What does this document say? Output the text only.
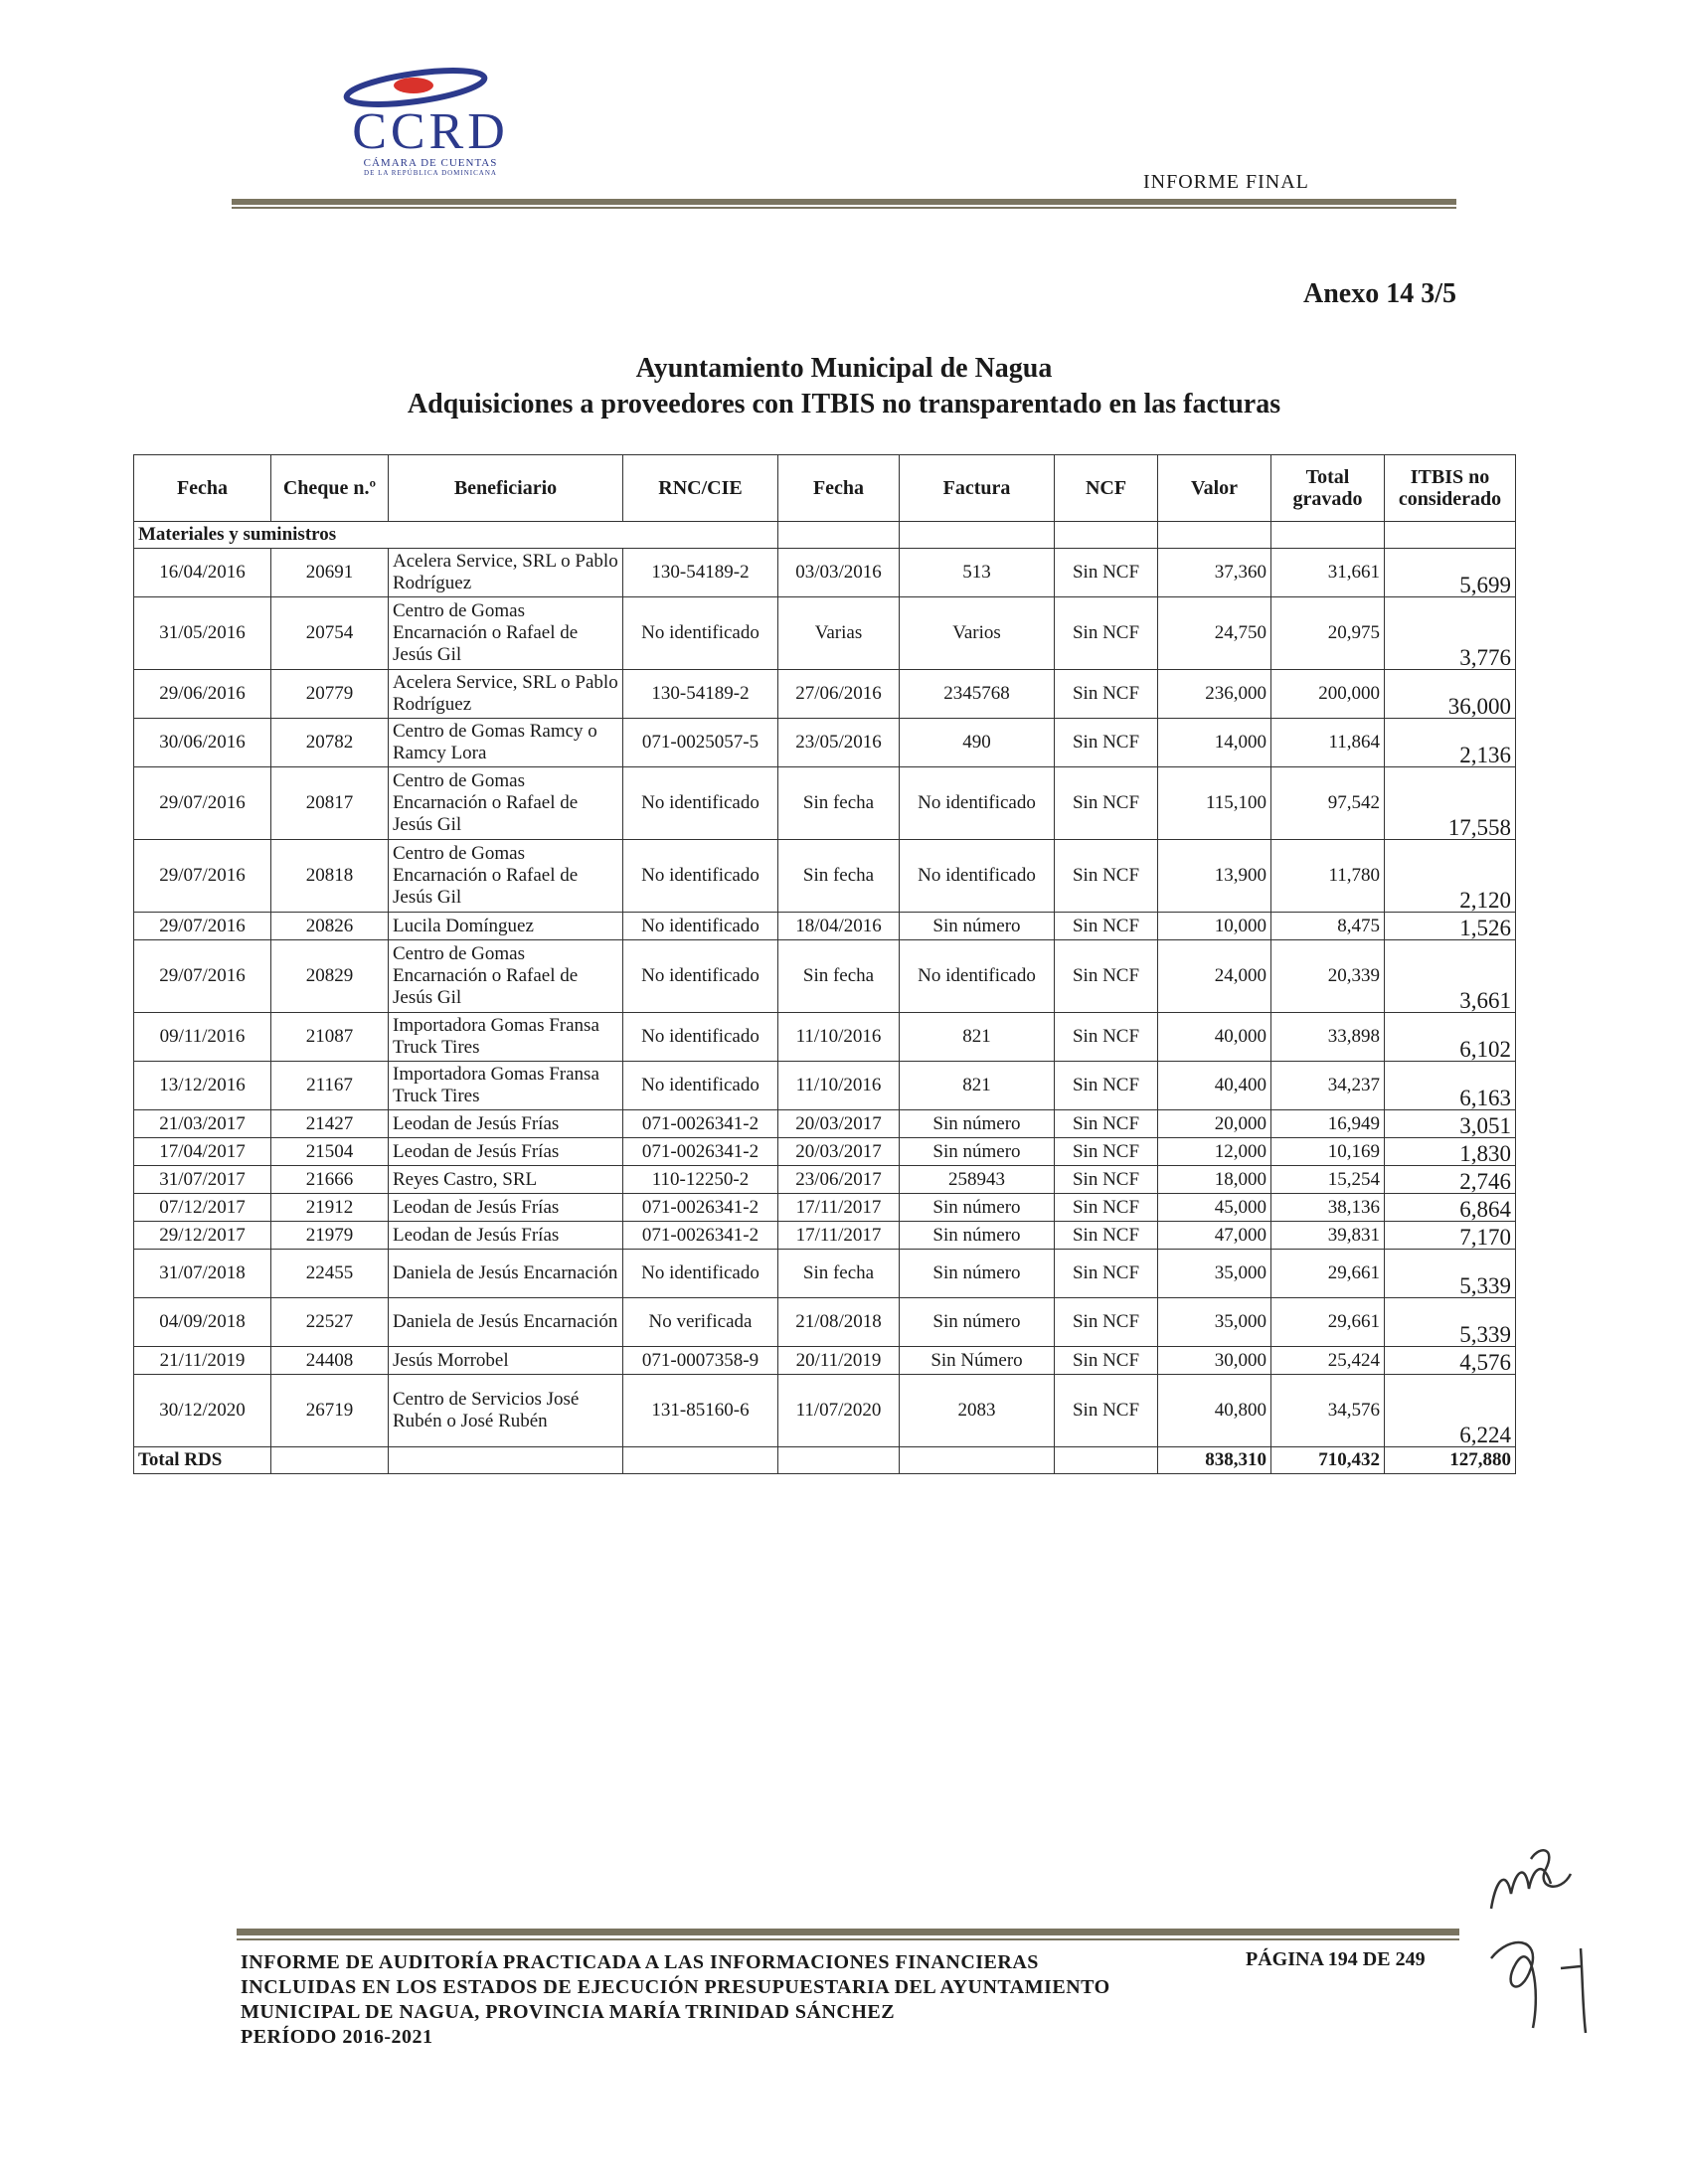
CCRD
CÁMARA DE CUENTAS
DE LA REPÚBLICA DOMINICANA	INFORME FINAL
Anexo 14 3/5
Ayuntamiento Municipal de Nagua
Adquisiciones a proveedores con ITBIS no transparentado en las facturas
Fecha	Cheque n.º	Beneficiario	RNC/CIE	Fecha	Factura	NCF	Valor	Total gravado	ITBIS no considerado
Materiales y suministros									
16/04/2016	20691	Acelera Service, SRL o Pablo Rodríguez	130-54189-2	03/03/2016	513	Sin NCF	37,360	31,661	5,699
31/05/2016	20754	Centro de Gomas Encarnación o Rafael de Jesús Gil	No identificado	Varias	Varios	Sin NCF	24,750	20,975	3,776
29/06/2016	20779	Acelera Service, SRL o Pablo Rodríguez	130-54189-2	27/06/2016	2345768	Sin NCF	236,000	200,000	36,000
30/06/2016	20782	Centro de Gomas Ramcy o Ramcy Lora	071-0025057-5	23/05/2016	490	Sin NCF	14,000	11,864	2,136
29/07/2016	20817	Centro de Gomas Encarnación o Rafael de Jesús Gil	No identificado	Sin fecha	No identificado	Sin NCF	115,100	97,542	17,558
29/07/2016	20818	Centro de Gomas Encarnación o Rafael de Jesús Gil	No identificado	Sin fecha	No identificado	Sin NCF	13,900	11,780	2,120
29/07/2016	20826	Lucila Domínguez	No identificado	18/04/2016	Sin número	Sin NCF	10,000	8,475	1,526
29/07/2016	20829	Centro de Gomas Encarnación o Rafael de Jesús Gil	No identificado	Sin fecha	No identificado	Sin NCF	24,000	20,339	3,661
09/11/2016	21087	Importadora Gomas Fransa Truck Tires	No identificado	11/10/2016	821	Sin NCF	40,000	33,898	6,102
13/12/2016	21167	Importadora Gomas Fransa Truck Tires	No identificado	11/10/2016	821	Sin NCF	40,400	34,237	6,163
21/03/2017	21427	Leodan de Jesús Frías	071-0026341-2	20/03/2017	Sin número	Sin NCF	20,000	16,949	3,051
17/04/2017	21504	Leodan de Jesús Frías	071-0026341-2	20/03/2017	Sin número	Sin NCF	12,000	10,169	1,830
31/07/2017	21666	Reyes Castro, SRL	110-12250-2	23/06/2017	258943	Sin NCF	18,000	15,254	2,746
07/12/2017	21912	Leodan de Jesús Frías	071-0026341-2	17/11/2017	Sin número	Sin NCF	45,000	38,136	6,864
29/12/2017	21979	Leodan de Jesús Frías	071-0026341-2	17/11/2017	Sin número	Sin NCF	47,000	39,831	7,170
31/07/2018	22455	Daniela de Jesús Encarnación	No identificado	Sin fecha	Sin número	Sin NCF	35,000	29,661	5,339
04/09/2018	22527	Daniela de Jesús Encarnación	No verificada	21/08/2018	Sin número	Sin NCF	35,000	29,661	5,339
21/11/2019	24408	Jesús Morrobel	071-0007358-9	20/11/2019	Sin Número	Sin NCF	30,000	25,424	4,576
30/12/2020	26719	Centro de Servicios José Rubén o José Rubén	131-85160-6	11/07/2020	2083	Sin NCF	40,800	34,576	6,224
Total RDS							838,310	710,432	127,880
INFORME DE AUDITORÍA PRACTICADA A LAS INFORMACIONES FINANCIERAS
INCLUIDAS EN LOS ESTADOS DE EJECUCIÓN PRESUPUESTARIA DEL AYUNTAMIENTO
MUNICIPAL DE NAGUA, PROVINCIA MARÍA TRINIDAD SÁNCHEZ
PERÍODO 2016-2021
PÁGINA 194 DE 249
